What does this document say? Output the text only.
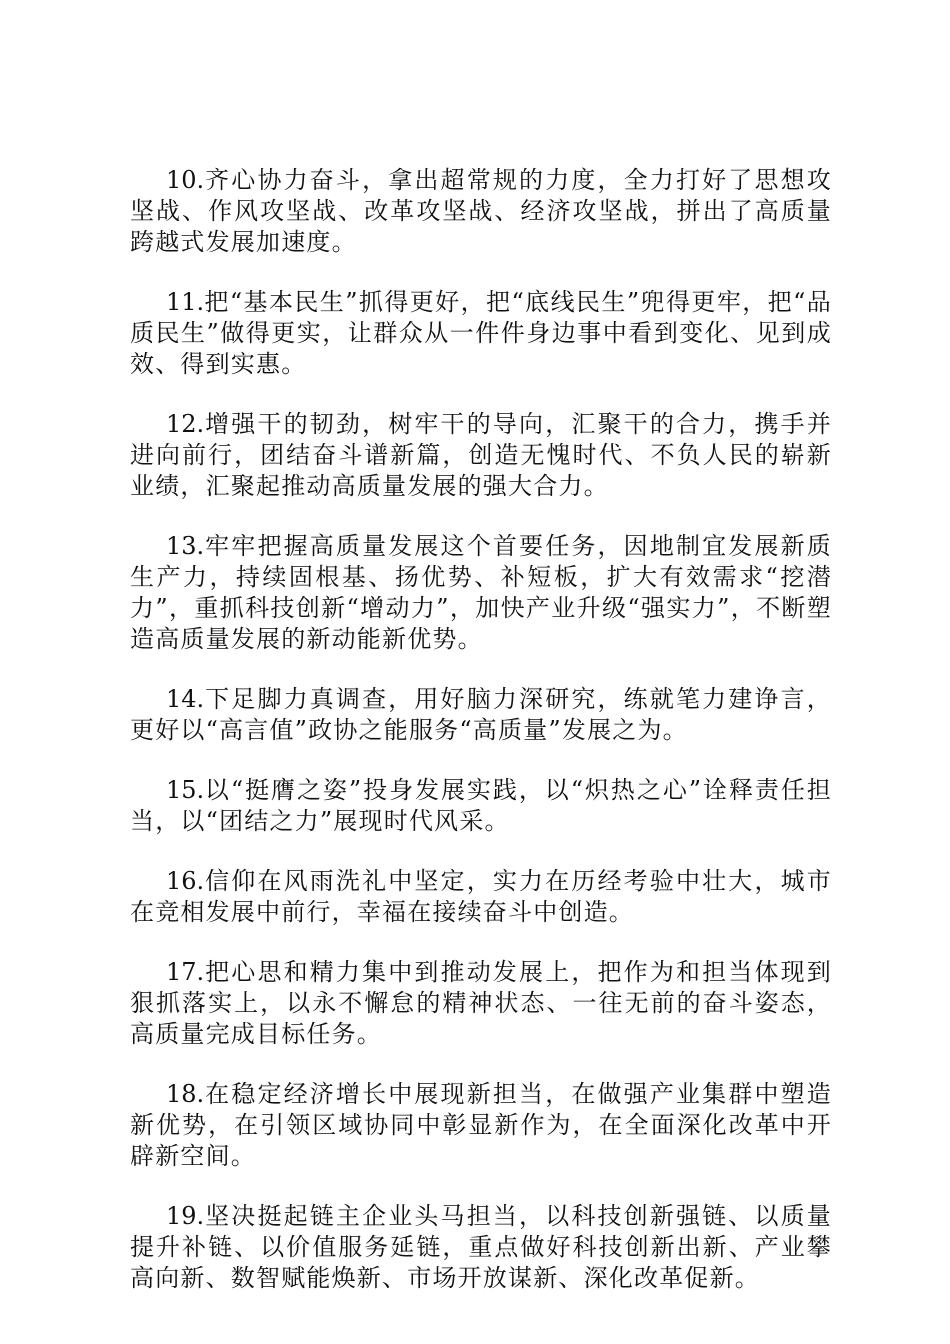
10.齐心协力奋斗，拿出超常规的力度，全力打好了思想攻坚战、作风攻坚战、改革攻坚战、经济攻坚战，拼出了高质量跨越式发展加速度。

11.把“基本民生”抓得更好，把“底线民生”兜得更牢，把“品质民生”做得更实，让群众从一件件身边事中看到变化、见到成效、得到实惠。

12.增强干的韧劲，树牢干的导向，汇聚干的合力，携手并进向前行，团结奋斗谱新篇，创造无愧时代、不负人民的崭新业绩，汇聚起推动高质量发展的强大合力。

13.牢牢把握高质量发展这个首要任务，因地制宜发展新质生产力，持续固根基、扬优势、补短板，扩大有效需求“挖潜力”，重抓科技创新“增动力”，加快产业升级“强实力”，不断塑造高质量发展的新动能新优势。

14.下足脚力真调查，用好脑力深研究，练就笔力建诤言，更好以“高言值”政协之能服务“高质量”发展之为。

15.以“挺膺之姿”投身发展实践，以“炽热之心”诠释责任担当，以“团结之力”展现时代风采。

16.信仰在风雨洗礼中坚定，实力在历经考验中壮大，城市在竞相发展中前行，幸福在接续奋斗中创造。

17.把心思和精力集中到推动发展上，把作为和担当体现到狠抓落实上，以永不懈怠的精神状态、一往无前的奋斗姿态，高质量完成目标任务。

18.在稳定经济增长中展现新担当，在做强产业集群中塑造新优势，在引领区域协同中彰显新作为，在全面深化改革中开辟新空间。

19.坚决挺起链主企业头马担当，以科技创新强链、以质量提升补链、以价值服务延链，重点做好科技创新出新、产业攀高向新、数智赋能焕新、市场开放谋新、深化改革促新。
